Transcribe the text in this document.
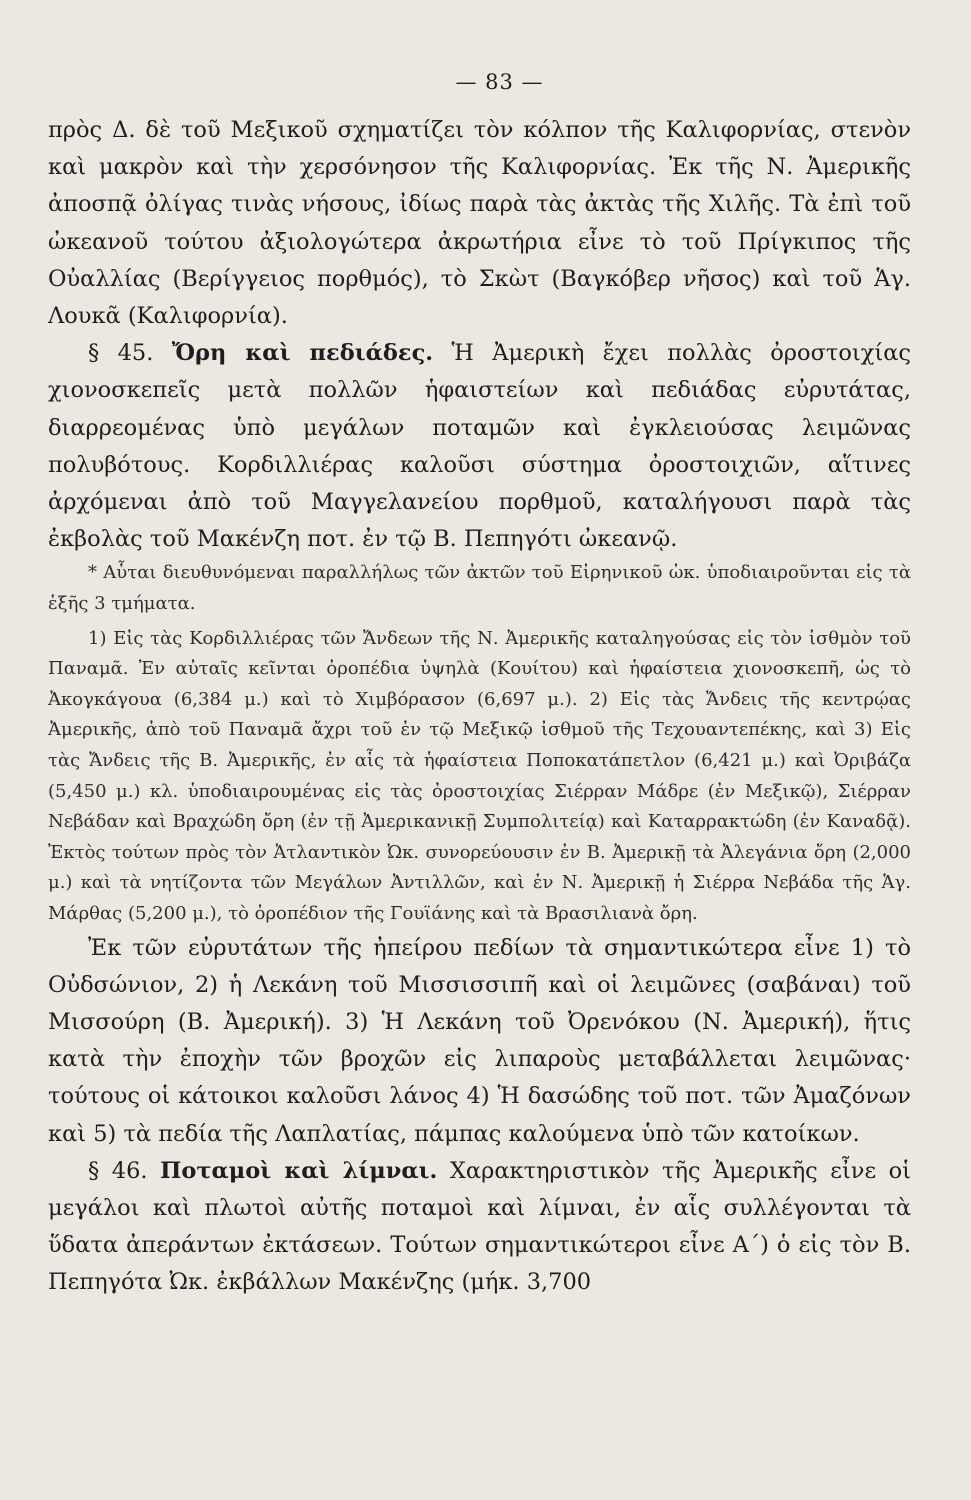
— 83 —

πρὸς Δ. δὲ τοῦ Μεξικοῦ σχηματίζει τὸν κόλπον τῆς Καλιφορνίας, στενὸν καὶ μακρὸν καὶ τὴν χερσόνησον τῆς Καλιφορνίας. Ἐκ τῆς Ν. Ἀμερικῆς ἀποσπᾷ ὀλίγας τινὰς νήσους, ἰδίως παρὰ τὰς ἀκτὰς τῆς Χιλῆς. Τὰ ἐπὶ τοῦ ὠκεανοῦ τούτου ἀξιολογώτερα ἀκρωτήρια εἶνε τὸ τοῦ Πρίγκιπος τῆς Οὐαλλίας (Βερίγγειος πορθμός), τὸ Σκὼτ (Βαγκόβερ νῆσος) καὶ τοῦ Ἁγ. Λουκᾶ (Καλιφορνία).

§ 45. Ὄρη καὶ πεδιάδες. Ἡ Ἀμερικὴ ἔχει πολλὰς ὀροστοιχίας χιονοσκεπεῖς μετὰ πολλῶν ἡφαιστείων καὶ πεδιάδας εὐρυτάτας, διαρρεομένας ὑπὸ μεγάλων ποταμῶν καὶ ἐγκλειούσας λειμῶνας πολυβότους. Κορδιλλιέρας καλοῦσι σύστημα ὀροστοιχιῶν, αἵτινες ἀρχόμεναι ἀπὸ τοῦ Μαγγελανείου πορθμοῦ, καταλήγουσι παρὰ τὰς ἐκβολὰς τοῦ Μακένζη ποτ. ἐν τῷ Β. Πεπηγότι ὠκεανῷ.

* Αὗται διευθυνόμεναι παραλλήλως τῶν ἀκτῶν τοῦ Εἰρηνικοῦ ὠκ. ὑποδιαιροῦνται εἰς τὰ ἑξῆς 3 τμήματα.

1) Εἰς τὰς Κορδιλλιέρας τῶν Ἄνδεων τῆς Ν. Ἀμερικῆς καταληγούσας εἰς τὸν ἰσθμὸν τοῦ Παναμᾶ. Ἐν αὐταῖς κεῖνται ὀροπέδια ὑψηλὰ (Κουίτου) καὶ ἡφαίστεια χιονοσκεπῆ, ὡς τὸ Ἀκογκάγουα (6,384 μ.) καὶ τὸ Χιμβόρασον (6,697 μ.). 2) Εἰς τὰς Ἄνδεις τῆς κεντρῴας Ἀμερικῆς, ἀπὸ τοῦ Παναμᾶ ἄχρι τοῦ ἐν τῷ Μεξικῷ ἰσθμοῦ τῆς Τεχουαντεπέκης, καὶ 3) Εἰς τὰς Ἄνδεις τῆς Β. Ἀμερικῆς, ἐν αἷς τὰ ἡφαίστεια Ποποκατάπετλον (6,421 μ.) καὶ Ὀριβάζα (5,450 μ.) κλ. ὑποδιαιρουμένας εἰς τὰς ὀροστοιχίας Σιέρραν Μάδρε (ἐν Μεξικῷ), Σιέρραν Νεβάδαν καὶ Βραχώδη ὄρη (ἐν τῇ Ἀμερικανικῇ Συμπολιτείᾳ) καὶ Καταρρακτώδη (ἐν Καναδᾷ). Ἐκτὸς τούτων πρὸς τὸν Ἀτλαντικὸν Ὠκ. συνορεύουσιν ἐν Β. Ἀμερικῇ τὰ Ἀλεγάνια ὄρη (2,000 μ.) καὶ τὰ νητίζοντα τῶν Μεγάλων Ἀντιλλῶν, καὶ ἐν Ν. Ἀμερικῇ ἡ Σιέρρα Νεβάδα τῆς Ἁγ. Μάρθας (5,200 μ.), τὸ ὀροπέδιον τῆς Γουϊάνης καὶ τὰ Βρασιλιανὰ ὄρη.

Ἐκ τῶν εὐρυτάτων τῆς ἠπείρου πεδίων τὰ σημαντικώτερα εἶνε 1) τὸ Οὐδσώνιον, 2) ἡ Λεκάνη τοῦ Μισσισσιπῆ καὶ οἱ λειμῶνες (σαβάναι) τοῦ Μισσούρη (Β. Ἀμερική). 3) Ἡ Λεκάνη τοῦ Ὀρενόκου (Ν. Ἀμερική), ἥτις κατὰ τὴν ἐποχὴν τῶν βροχῶν εἰς λιπαροὺς μεταβάλλεται λειμῶνας· τούτους οἱ κάτοικοι καλοῦσι λάνος 4) Ἡ δασώδης τοῦ ποτ. τῶν Ἀμαζόνων καὶ 5) τὰ πεδία τῆς Λαπλατίας, πάμπας καλούμενα ὑπὸ τῶν κατοίκων.

§ 46. Ποταμοὶ καὶ λίμναι. Χαρακτηριστικὸν τῆς Ἀμερικῆς εἶνε οἱ μεγάλοι καὶ πλωτοὶ αὐτῆς ποταμοὶ καὶ λίμναι, ἐν αἷς συλλέγονται τὰ ὕδατα ἀπεράντων ἐκτάσεων. Τούτων σημαντικώτεροι εἶνε Α΄) ὁ εἰς τὸν Β. Πεπηγότα Ὠκ. ἐκβάλλων Μακένζης (μήκ. 3,700
